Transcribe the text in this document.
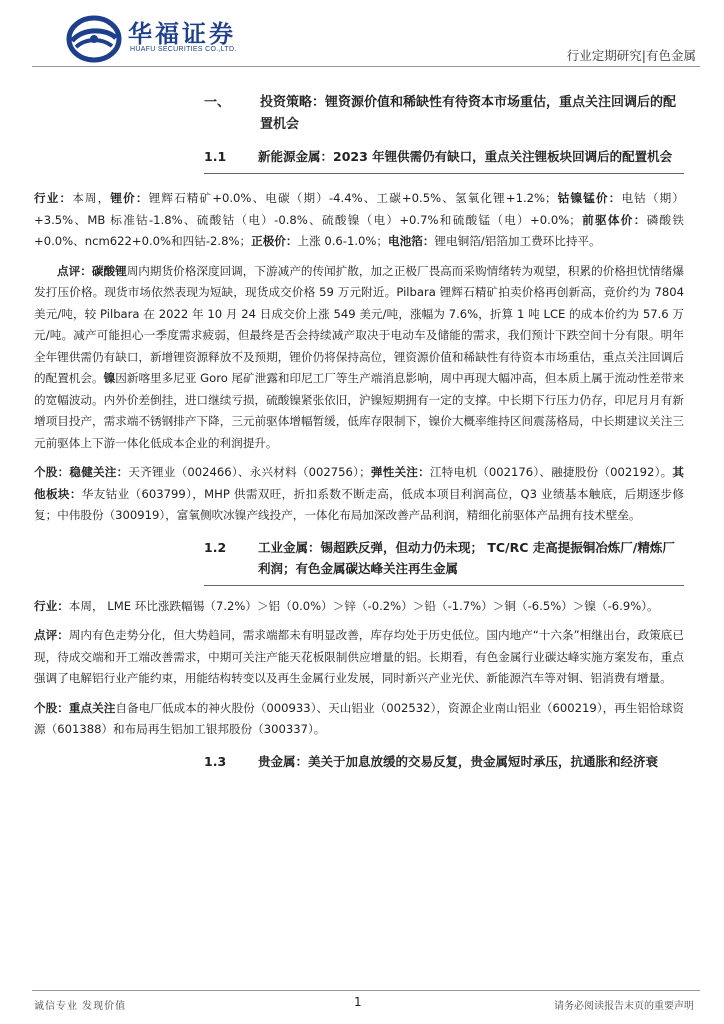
华福证券
HUAFU SECURITIES CO.,LTD.	行业定期研究|有色金属
一、 投资策略：锂资源价值和稀缺性有待资本市场重估，重点关注回调后的配置机会
1.1	新能源金属：2023 年锂供需仍有缺口，重点关注锂板块回调后的配置机会

行业：本周，锂价：锂辉石精矿+0.0%、电碳（期）-4.4%、工碳+0.5%、氢氧化锂+1.2%；钴镍锰价：电钴（期）+3.5%、MB 标准钴-1.8%、硫酸钴（电）-0.8%、硫酸镍（电）+0.7%和硫酸锰（电）+0.0%；前驱体价：磷酸铁+0.0%、ncm622+0.0%和四钴-2.8%；正极价：上涨 0.6-1.0%；电池箔：锂电铜箔/铝箔加工费环比持平。

点评：碳酸锂周内期货价格深度回调，下游减产的传闻扩散，加之正极厂畏高而采购情绪转为观望，积累的价格担忧情绪爆发打压价格。现货市场依然表现为短缺，现货成交价格 59 万元附近。Pilbara 锂辉石精矿拍卖价格再创新高，竞价约为 7804 美元/吨，较 Pilbara 在 2022 年 10 月 24 日成交价上涨 549 美元/吨，涨幅为 7.6%，折算 1 吨 LCE 的成本价约为 57.6 万元/吨。减产可能担心一季度需求疲弱，但最终是否会持续减产取决于电动车及储能的需求，我们预计下跌空间十分有限。明年全年锂供需仍有缺口，新增锂资源释放不及预期，锂价仍将保持高位，锂资源价值和稀缺性有待资本市场重估，重点关注回调后的配置机会。镍因新喀里多尼亚 Goro 尾矿泄露和印尼工厂等生产端消息影响，周中再现大幅冲高，但本质上属于流动性差带来的宽幅波动。内外价差倒挂，进口继续亏损，硫酸镍紧张依旧，沪镍短期拥有一定的支撑。中长期下行压力仍存，印尼月月有新增项目投产，需求端不锈钢排产下降，三元前驱体增幅暂缓，低库存限制下，镍价大概率维持区间震荡格局，中长期建议关注三元前驱体上下游一体化低成本企业的利润提升。

个股：稳健关注：天齐锂业（002466）、永兴材料（002756）；弹性关注：江特电机（002176）、融捷股份（002192）。其他板块：华友钴业（603799），MHP 供需双旺，折扣系数不断走高，低成本项目利润高位，Q3 业绩基本触底，后期逐步修复；中伟股份（300919），富氧侧吹冰镍产线投产，一体化布局加深改善产品利润，精细化前驱体产品拥有技术壁垒。

1.2	工业金属：锡超跌反弹，但动力仍未现； TC/RC 走高提振铜冶炼厂/精炼厂利润；有色金属碳达峰关注再生金属

行业：本周， LME 环比涨跌幅锡（7.2%）＞铝（0.0%）＞锌（-0.2%）＞铅（-1.7%）＞铜（-6.5%）＞镍（-6.9%）。

点评：周内有色走势分化，但大势趋同，需求端都未有明显改善，库存均处于历史低位。国内地产“十六条”相继出台，政策底已现，待成交端和开工端改善需求，中期可关注产能天花板限制供应增量的铝。长期看，有色金属行业碳达峰实施方案发布，重点强调了电解铝行业产能约束，用能结构转变以及再生金属行业发展，同时新兴产业光伏、新能源汽车等对铜、铝消费有增量。

个股：重点关注自备电厂低成本的神火股份（000933）、天山铝业（002532），资源企业南山铝业（600219），再生铝恰球资源（601388）和布局再生铝加工银邦股份（300337）。

1.3	贵金属：美关于加息放缓的交易反复，贵金属短时承压，抗通胀和经济衰
诚信专业 发现价值	1	请务必阅读报告末页的重要声明
